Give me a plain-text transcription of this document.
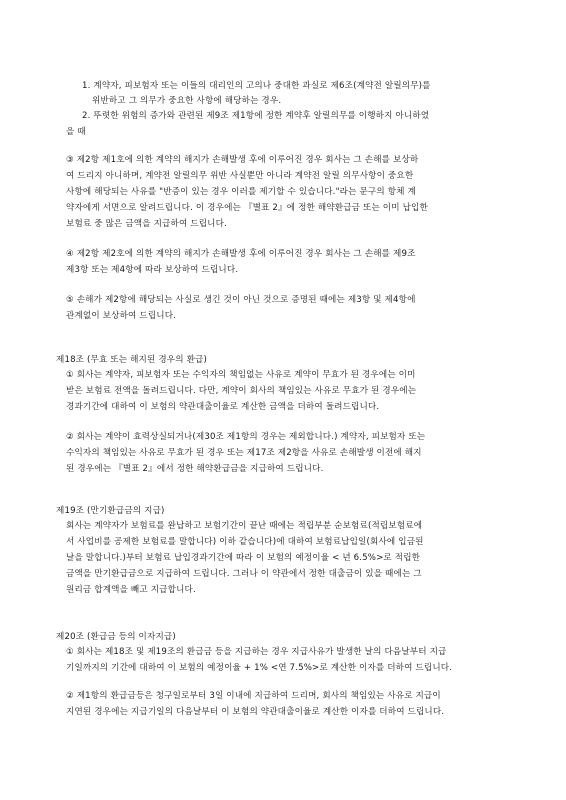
1. 계약자, 피보험자 또는 이들의 대리인의 고의나 중대한 과실로 제6조(계약전 알릴의무)를
위반하고 그 의무가 중요한 사항에 해당하는 경우.
2. 뚜렷한 위험의 증가와 관련된 제9조 제1항에 정한 계약후 알릴의무를 이행하지 아니하였
을 때
③ 제2항 제1호에 의한 계약의 해지가 손해발생 후에 이루어진 경우 회사는 그 손해를 보상하
여 드리지 아니하며, 계약전 알릴의무 위반 사실뿐만 아니라 계약전 알릴 의무사항이 중요한
사항에 해당되는 사유를 "반증이 있는 경우 이러를 제기할 수 있습니다."라는 문구의 항체 계
약자에게 서면으로 알려드립니다. 이 경우에는 『별표 2』에 정한 해약환급금 또는 이미 납입한
보험료 중 많은 금액을 지급하여 드립니다.
④ 제2항 제2호에 의한 계약의 해지가 손해발생 후에 이루어진 경우 회사는 그 손해를 제9조
제3항 또는 제4항에 따라 보상하여 드립니다.
⑤ 손해가 제2항에 해당되는 사실로 생긴 것이 아닌 것으로 증명된 때에는 제3항 및 제4항에
관계없이 보상하여 드립니다.
제18조 (무효 또는 해지된 경우의 환급)
① 회사는 계약자, 피보험자 또는 수익자의 책임없는 사유로 계약이 무효가 된 경우에는 이미
받은 보험료 전액을 돌려드립니다. 다만, 계약이 회사의 책임있는 사유로 무효가 된 경우에는
경과기간에 대하여 이 보험의 약관대출이율로 계산한 금액을 더하여 돌려드립니다.
② 회사는 계약이 효력상실되거나(제30조 제1항의 경우는 제외합니다.) 계약자, 피보험자 또는
수익자의 책임있는 사유로 무효가 된 경우 또는 제17조 제2항을 사유로 손해발생 이전에 해지
된 경우에는 『별표 2』에서 정한 해약환급금을 지급하여 드립니다.
제19조 (만기환급금의 지급)
회사는 계약자가 보험료를 완납하고 보험기간이 끝난 때에는 적립부분 순보험료(적립보험료에
서 사업비를 공제한 보험료를 말합니다) 이하 같습니다)에 대하여 보험료납입일(회사에 입금된
날을 말합니다.)부터 보험료 납입경과기간에 따라 이 보험의 예정이율 < 년 6.5%>로 적립한
금액을 만기환급금으로 지급하여 드립니다. 그러나 이 약관에서 정한 대출금이 있을 때에는 그
원리금 합계액을 빼고 지급합니다.
제20조 (환급금 등의 이자지급)
① 회사는 제18조 및 제19조의 환급금 등을 지급하는 경우 지급사유가 발생한 날의 다음날부터 지급
기일까지의 기간에 대하여 이 보험의 예정이율 + 1% <연 7.5%>로 계산한 이자를 더하여 드립니다.
② 제1항의 환급금등은 청구일로부터 3일 이내에 지급하여 드리며, 회사의 책임있는 사유로 지급이
지연된 경우에는 지급기일의 다음날부터 이 보험의 약관대출이율로 계산한 이자를 더하여 드립니다.
